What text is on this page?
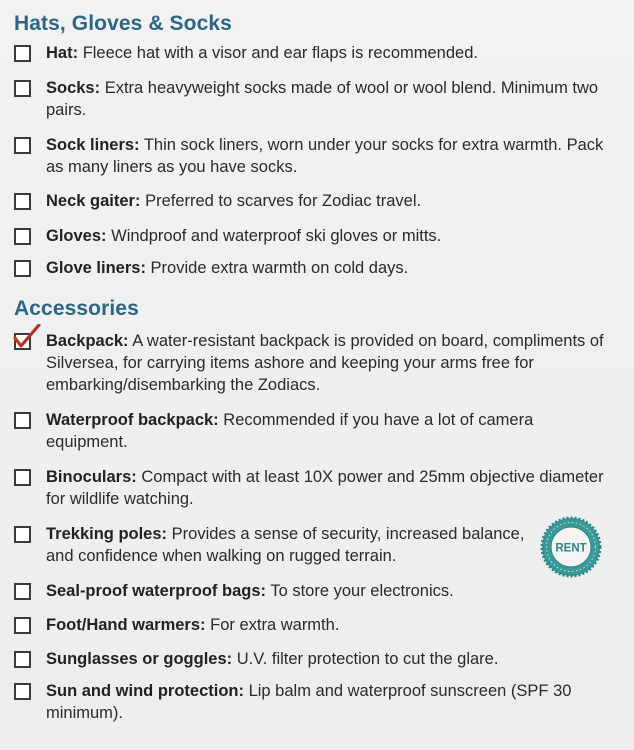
Hats, Gloves & Socks
Hat: Fleece hat with a visor and ear flaps is recommended.
Socks: Extra heavyweight socks made of wool or wool blend. Minimum two pairs.
Sock liners: Thin sock liners, worn under your socks for extra warmth. Pack as many liners as you have socks.
Neck gaiter: Preferred to scarves for Zodiac travel.
Gloves: Windproof and waterproof ski gloves or mitts.
Glove liners: Provide extra warmth on cold days.
Accessories
Backpack: A water-resistant backpack is provided on board, compliments of Silversea, for carrying items ashore and keeping your arms free for embarking/disembarking the Zodiacs.
Waterproof backpack: Recommended if you have a lot of camera equipment.
Binoculars: Compact with at least 10X power and 25mm objective diameter for wildlife watching.
Trekking poles: Provides a sense of security, increased balance, and confidence when walking on rugged terrain.
Seal-proof waterproof bags: To store your electronics.
Foot/Hand warmers: For extra warmth.
Sunglasses or goggles: U.V. filter protection to cut the glare.
Sun and wind protection: Lip balm and waterproof sunscreen (SPF 30 minimum).
RENT
